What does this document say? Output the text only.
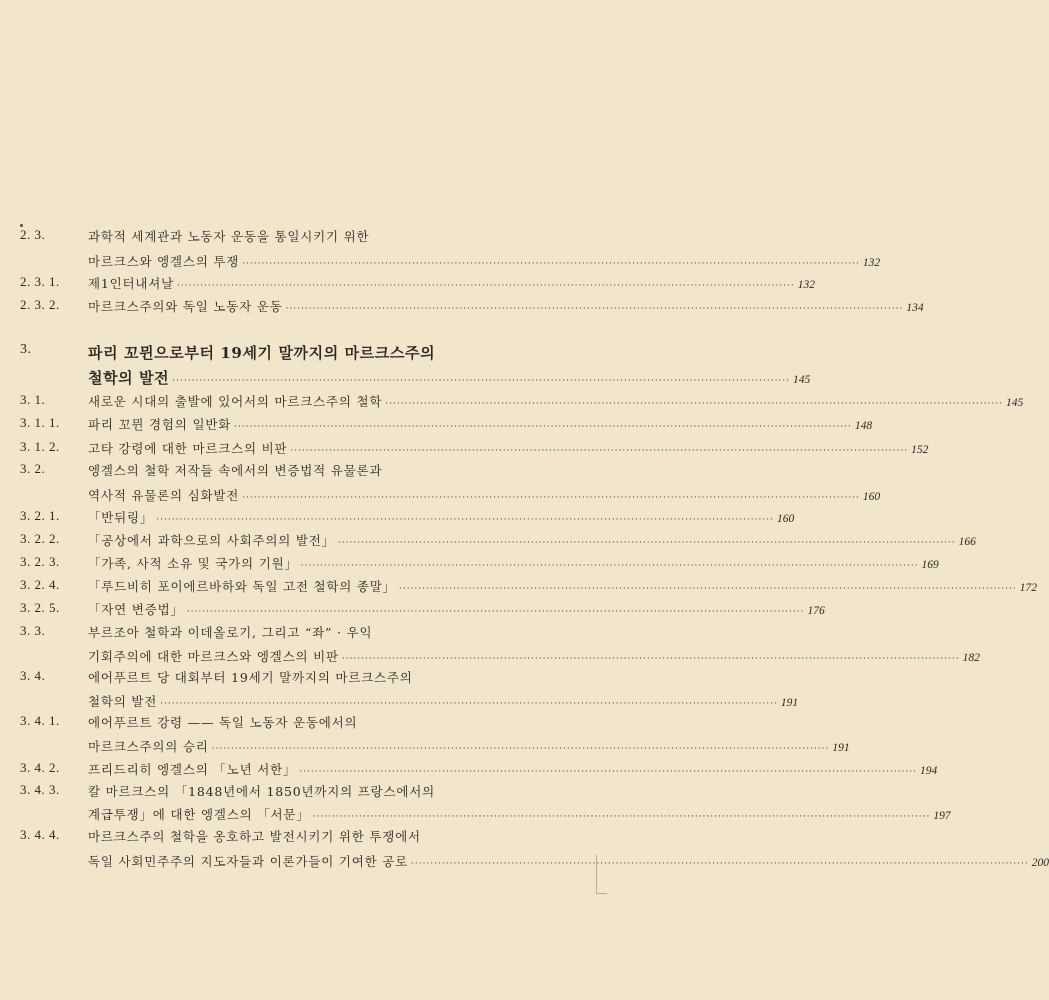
2. 3.	과학적 세계관과 노동자 운동을 통일시키기 위한
마르크스와 엥겔스의 투쟁 ································································································································································ 132
2. 3. 1. 제1인터내셔날 ································································································································································ 132
2. 3. 2. 마르크스주의와 독일 노동자 운동 ································································································································································ 134
3.	파리 꼬뮌으로부터 19세기 말까지의 마르크스주의
철학의 발전 ································································································································································ 145
3. 1.	새로운 시대의 출발에 있어서의 마르크스주의 철학 ································································································································································ 145
3. 1. 1. 파리 꼬뮌 경험의 일반화 ································································································································································ 148
3. 1. 2. 고타 강령에 대한 마르크스의 비판 ································································································································································ 152
3. 2.	엥겔스의 철학 저작들 속에서의 변증법적 유물론과
역사적 유물론의 심화발전 ································································································································································ 160
3. 2. 1. 「반뒤링」 ································································································································································ 160
3. 2. 2. 「공상에서 과학으로의 사회주의의 발전」 ································································································································································ 166
3. 2. 3. 「가족, 사적 소유 및 국가의 기원」 ································································································································································ 169
3. 2. 4. 「루드비히 포이에르바하와 독일 고전 철학의 종말」 ································································································································································ 172
3. 2. 5. 「자연 변증법」 ································································································································································ 176
3. 3.	부르조아 철학과 이데올로기, 그리고 “좌” · 우익
기회주의에 대한 마르크스와 엥겔스의 비판 ································································································································································ 182
3. 4.	에어푸르트 당 대회부터 19세기 말까지의 마르크스주의
철학의 발전 ································································································································································ 191
3. 4. 1. 에어푸르트 강령 —— 독일 노동자 운동에서의
마르크스주의의 승리 ································································································································································ 191
3. 4. 2. 프리드리히 엥겔스의 「노년 서한」 ································································································································································ 194
3. 4. 3. 칼 마르크스의 「1848년에서 1850년까지의 프랑스에서의
계급투쟁」에 대한 엥겔스의 「서문」 ································································································································································ 197
3. 4. 4. 마르크스주의 철학을 옹호하고 발전시키기 위한 투쟁에서
독일 사회민주주의 지도자들과 이론가들이 기여한 공로 ································································································································································ 200
